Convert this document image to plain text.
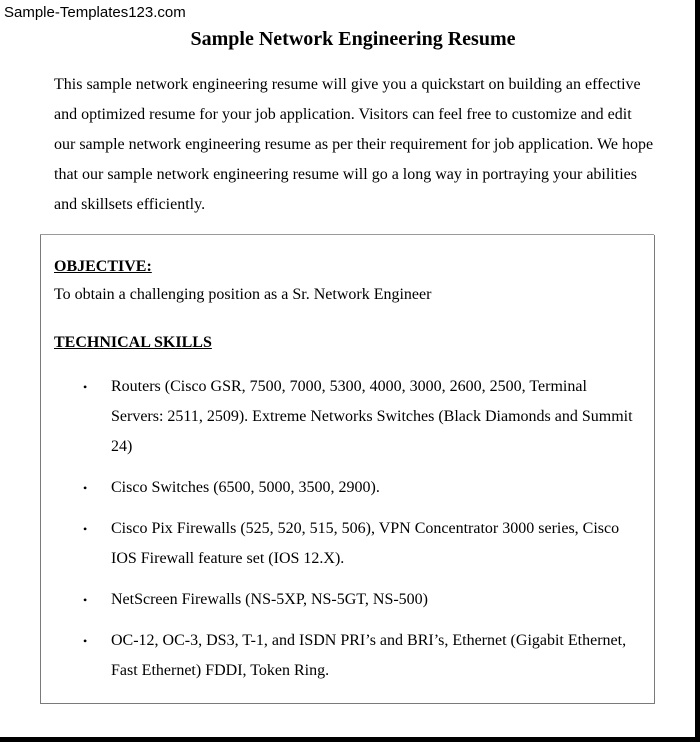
Sample-Templates123.com
Sample Network Engineering Resume

This sample network engineering resume will give you a quickstart on building an effective and optimized resume for your job application. Visitors can feel free to customize and edit our sample network engineering resume as per their requirement for job application. We hope that our sample network engineering resume will go a long way in portraying your abilities and skillsets efficiently.

OBJECTIVE:
To obtain a challenging position as a Sr. Network Engineer
TECHNICAL SKILLS
• Routers (Cisco GSR, 7500, 7000, 5300, 4000, 3000, 2600, 2500, Terminal Servers: 2511, 2509). Extreme Networks Switches (Black Diamonds and Summit 24)
• Cisco Switches (6500, 5000, 3500, 2900).
• Cisco Pix Firewalls (525, 520, 515, 506), VPN Concentrator 3000 series, Cisco IOS Firewall feature set (IOS 12.X).
• NetScreen Firewalls (NS-5XP, NS-5GT, NS-500)
• OC-12, OC-3, DS3, T-1, and ISDN PRI’s and BRI’s, Ethernet (Gigabit Ethernet, Fast Ethernet) FDDI, Token Ring.
